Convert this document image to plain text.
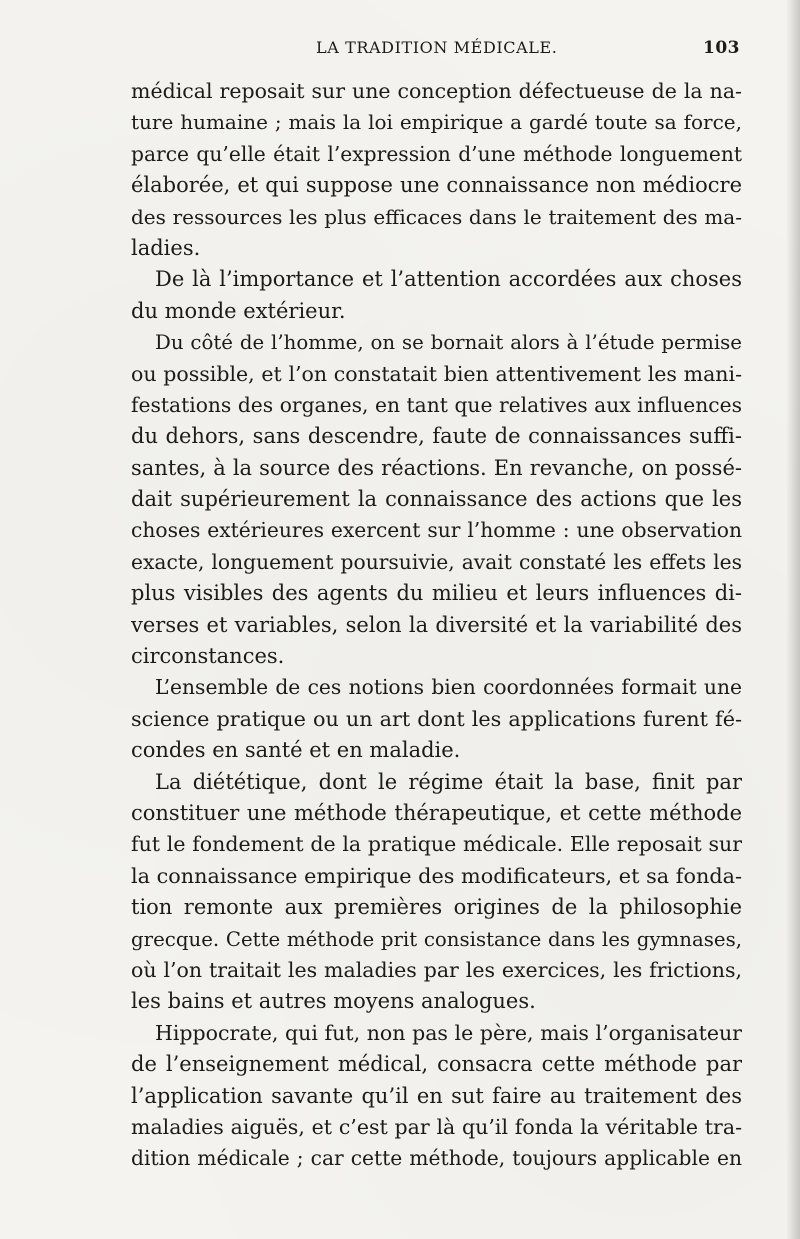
LA TRADITION MÉDICALE.	103
médical reposait sur une conception défectueuse de la na-
ture humaine ; mais la loi empirique a gardé toute sa force,
parce qu’elle était l’expression d’une méthode longuement
élaborée, et qui suppose une connaissance non médiocre
des ressources les plus efficaces dans le traitement des ma-
ladies.
De là l’importance et l’attention accordées aux choses
du monde extérieur.
Du côté de l’homme, on se bornait alors à l’étude permise
ou possible, et l’on constatait bien attentivement les mani-
festations des organes, en tant que relatives aux influences
du dehors, sans descendre, faute de connaissances suffi-
santes, à la source des réactions. En revanche, on possé-
dait supérieurement la connaissance des actions que les
choses extérieures exercent sur l’homme : une observation
exacte, longuement poursuivie, avait constaté les effets les
plus visibles des agents du milieu et leurs influences di-
verses et variables, selon la diversité et la variabilité des
circonstances.
L’ensemble de ces notions bien coordonnées formait une
science pratique ou un art dont les applications furent fé-
condes en santé et en maladie.
La diététique, dont le régime était la base, finit par
constituer une méthode thérapeutique, et cette méthode
fut le fondement de la pratique médicale. Elle reposait sur
la connaissance empirique des modificateurs, et sa fonda-
tion remonte aux premières origines de la philosophie
grecque. Cette méthode prit consistance dans les gymnases,
où l’on traitait les maladies par les exercices, les frictions,
les bains et autres moyens analogues.
Hippocrate, qui fut, non pas le père, mais l’organisateur
de l’enseignement médical, consacra cette méthode par
l’application savante qu’il en sut faire au traitement des
maladies aiguës, et c’est par là qu’il fonda la véritable tra-
dition médicale ; car cette méthode, toujours applicable en
